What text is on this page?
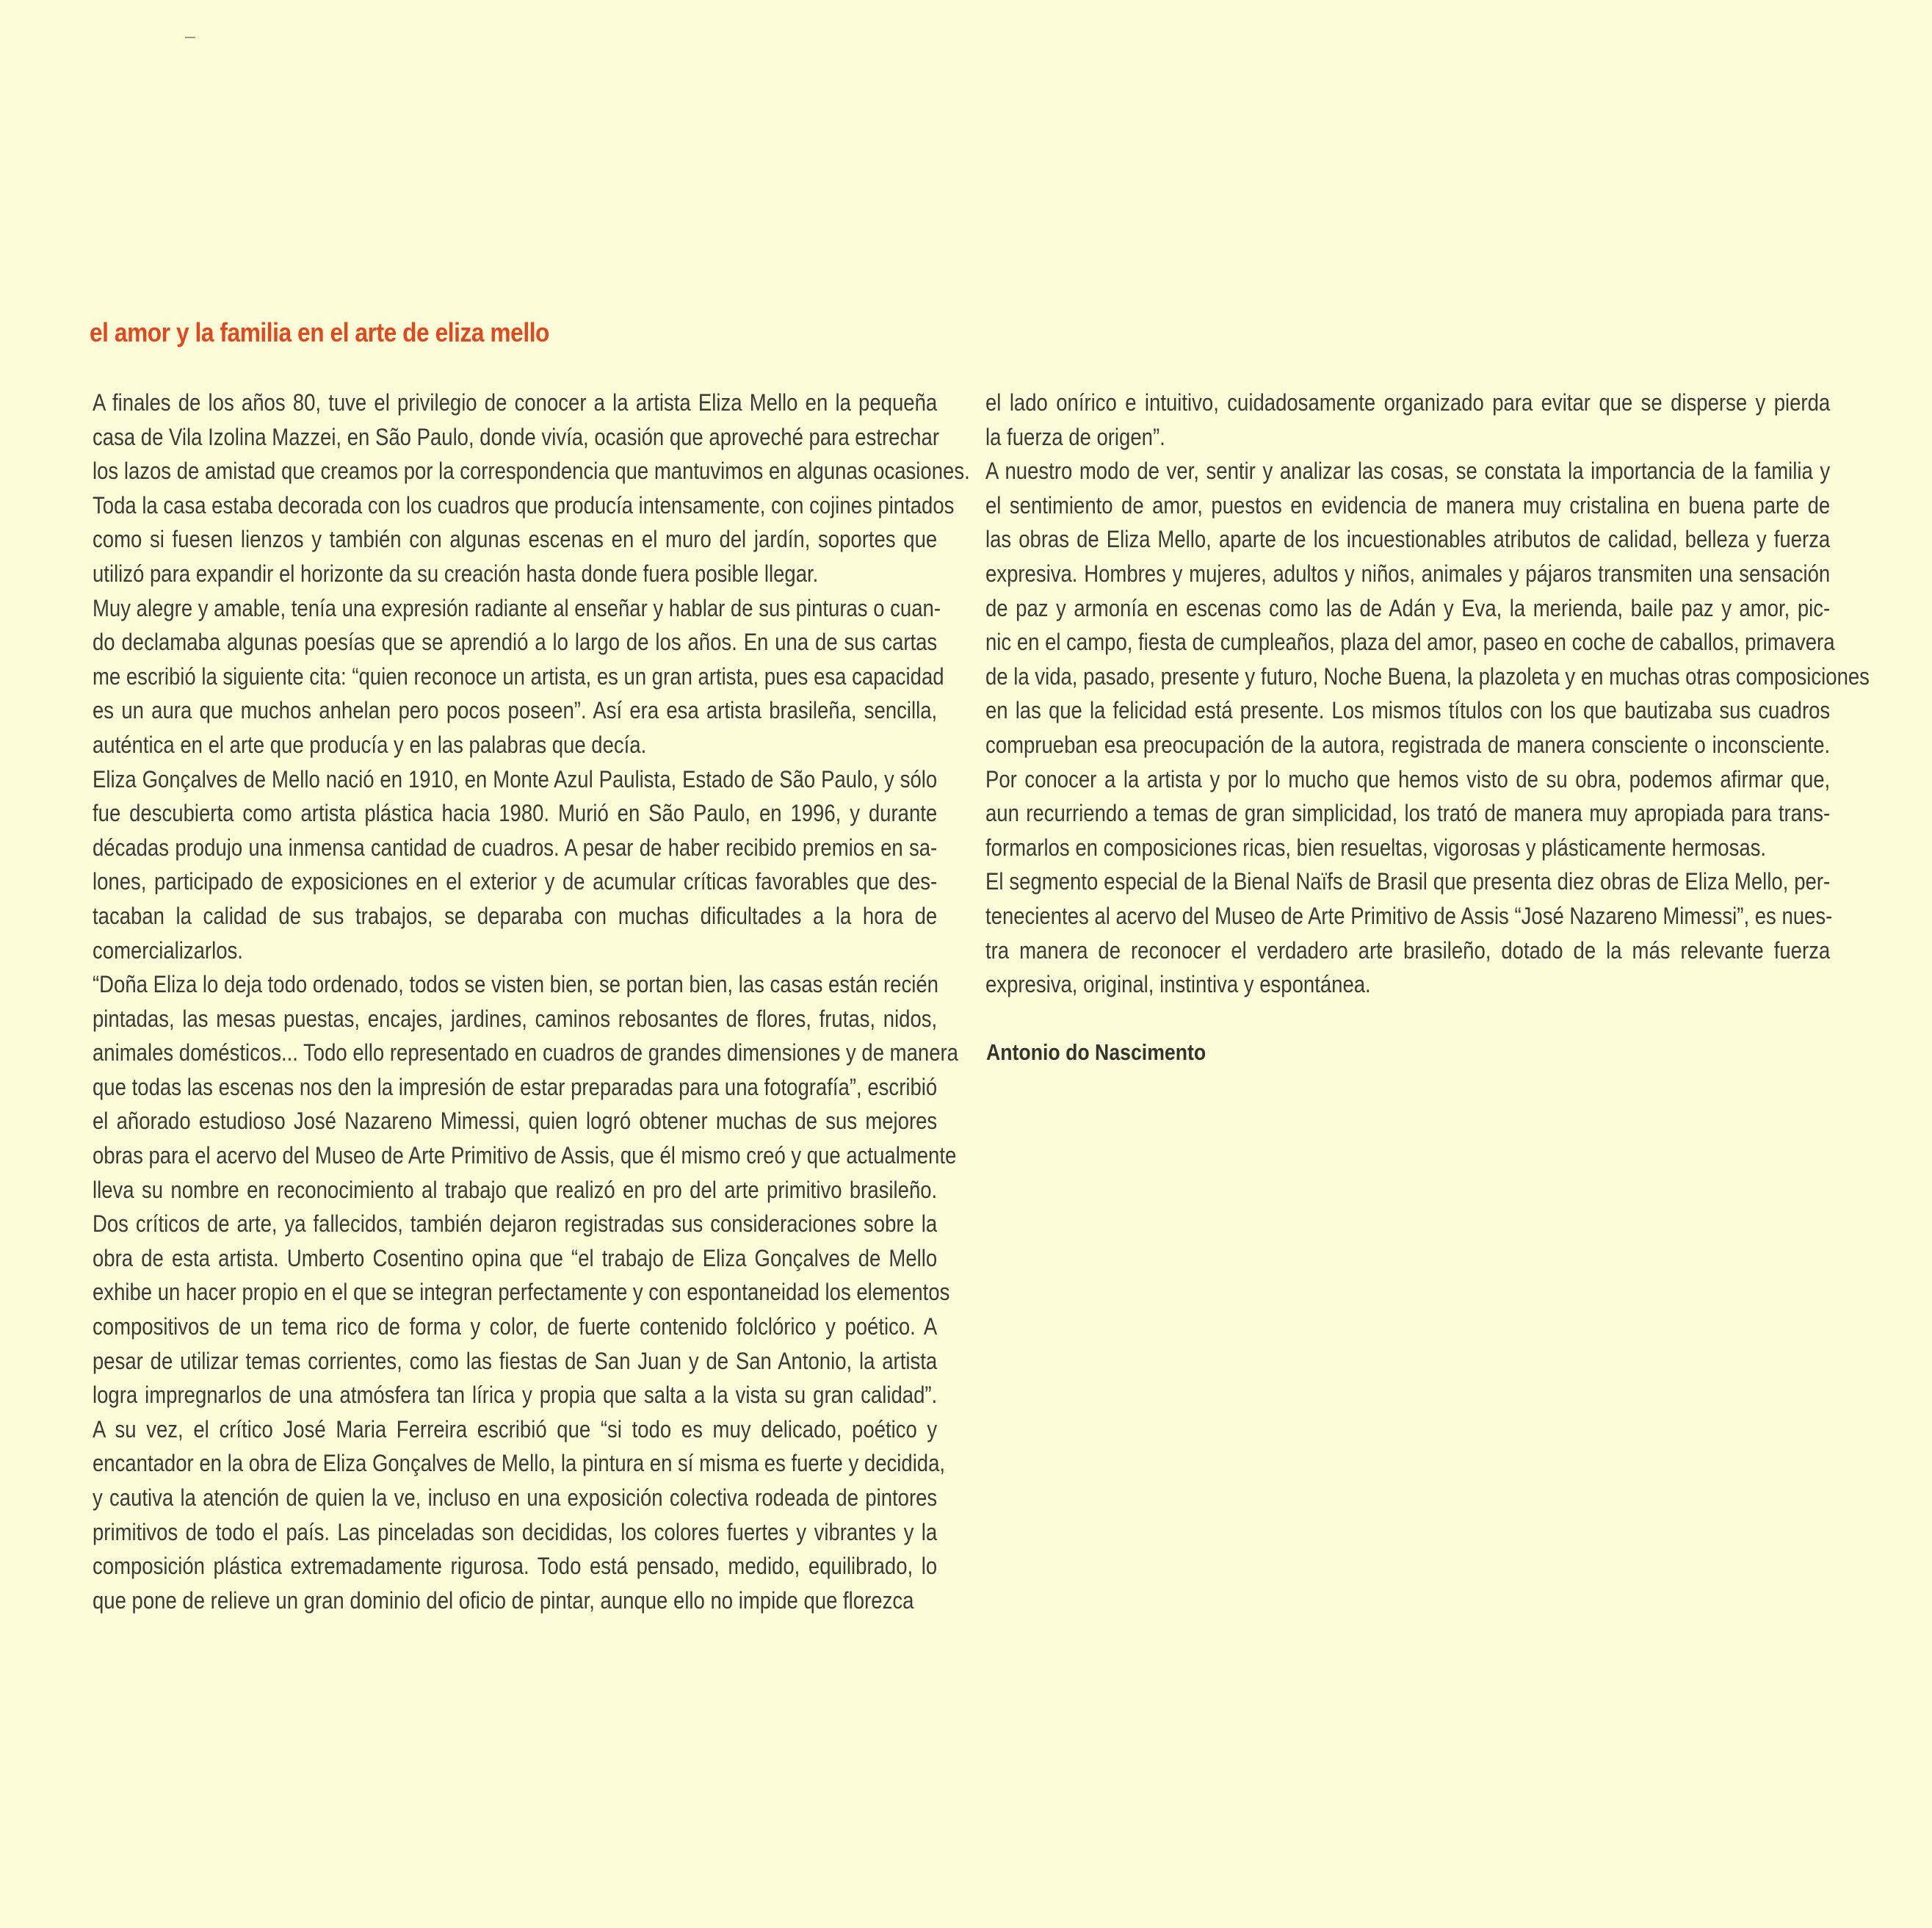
el amor y la familia en el arte de eliza mello
A finales de los años 80, tuve el privilegio de conocer a la artista Eliza Mello en la pequeña
casa de Vila Izolina Mazzei, en São Paulo, donde vivía, ocasión que aproveché para estrechar
los lazos de amistad que creamos por la correspondencia que mantuvimos en algunas ocasiones.
Toda la casa estaba decorada con los cuadros que producía intensamente, con cojines pintados
como si fuesen lienzos y también con algunas escenas en el muro del jardín, soportes que
utilizó para expandir el horizonte da su creación hasta donde fuera posible llegar.
Muy alegre y amable, tenía una expresión radiante al enseñar y hablar de sus pinturas o cuan-
do declamaba algunas poesías que se aprendió a lo largo de los años. En una de sus cartas
me escribió la siguiente cita: “quien reconoce un artista, es un gran artista, pues esa capacidad
es un aura que muchos anhelan pero pocos poseen”. Así era esa artista brasileña, sencilla,
auténtica en el arte que producía y en las palabras que decía.
Eliza Gonçalves de Mello nació en 1910, en Monte Azul Paulista, Estado de São Paulo, y sólo
fue descubierta como artista plástica hacia 1980. Murió en São Paulo, en 1996, y durante
décadas produjo una inmensa cantidad de cuadros. A pesar de haber recibido premios en sa-
lones, participado de exposiciones en el exterior y de acumular críticas favorables que des-
tacaban la calidad de sus trabajos, se deparaba con muchas dificultades a la hora de
comercializarlos.
“Doña Eliza lo deja todo ordenado, todos se visten bien, se portan bien, las casas están recién
pintadas, las mesas puestas, encajes, jardines, caminos rebosantes de flores, frutas, nidos,
animales domésticos... Todo ello representado en cuadros de grandes dimensiones y de manera
que todas las escenas nos den la impresión de estar preparadas para una fotografía”, escribió
el añorado estudioso José Nazareno Mimessi, quien logró obtener muchas de sus mejores
obras para el acervo del Museo de Arte Primitivo de Assis, que él mismo creó y que actualmente
lleva su nombre en reconocimiento al trabajo que realizó en pro del arte primitivo brasileño.
Dos críticos de arte, ya fallecidos, también dejaron registradas sus consideraciones sobre la
obra de esta artista. Umberto Cosentino opina que “el trabajo de Eliza Gonçalves de Mello
exhibe un hacer propio en el que se integran perfectamente y con espontaneidad los elementos
compositivos de un tema rico de forma y color, de fuerte contenido folclórico y poético. A
pesar de utilizar temas corrientes, como las fiestas de San Juan y de San Antonio, la artista
logra impregnarlos de una atmósfera tan lírica y propia que salta a la vista su gran calidad”.
A su vez, el crítico José Maria Ferreira escribió que “si todo es muy delicado, poético y
encantador en la obra de Eliza Gonçalves de Mello, la pintura en sí misma es fuerte y decidida,
y cautiva la atención de quien la ve, incluso en una exposición colectiva rodeada de pintores
primitivos de todo el país. Las pinceladas son decididas, los colores fuertes y vibrantes y la
composición plástica extremadamente rigurosa. Todo está pensado, medido, equilibrado, lo
que pone de relieve un gran dominio del oficio de pintar, aunque ello no impide que florezca
el lado onírico e intuitivo, cuidadosamente organizado para evitar que se disperse y pierda
la fuerza de origen”.
A nuestro modo de ver, sentir y analizar las cosas, se constata la importancia de la familia y
el sentimiento de amor, puestos en evidencia de manera muy cristalina en buena parte de
las obras de Eliza Mello, aparte de los incuestionables atributos de calidad, belleza y fuerza
expresiva. Hombres y mujeres, adultos y niños, animales y pájaros transmiten una sensación
de paz y armonía en escenas como las de Adán y Eva, la merienda, baile paz y amor, pic-
nic en el campo, fiesta de cumpleaños, plaza del amor, paseo en coche de caballos, primavera
de la vida, pasado, presente y futuro, Noche Buena, la plazoleta y en muchas otras composiciones
en las que la felicidad está presente. Los mismos títulos con los que bautizaba sus cuadros
comprueban esa preocupación de la autora, registrada de manera consciente o inconsciente.
Por conocer a la artista y por lo mucho que hemos visto de su obra, podemos afirmar que,
aun recurriendo a temas de gran simplicidad, los trató de manera muy apropiada para trans-
formarlos en composiciones ricas, bien resueltas, vigorosas y plásticamente hermosas.
El segmento especial de la Bienal Naïfs de Brasil que presenta diez obras de Eliza Mello, per-
tenecientes al acervo del Museo de Arte Primitivo de Assis “José Nazareno Mimessi”, es nues-
tra manera de reconocer el verdadero arte brasileño, dotado de la más relevante fuerza
expresiva, original, instintiva y espontánea.

Antonio do Nascimento
